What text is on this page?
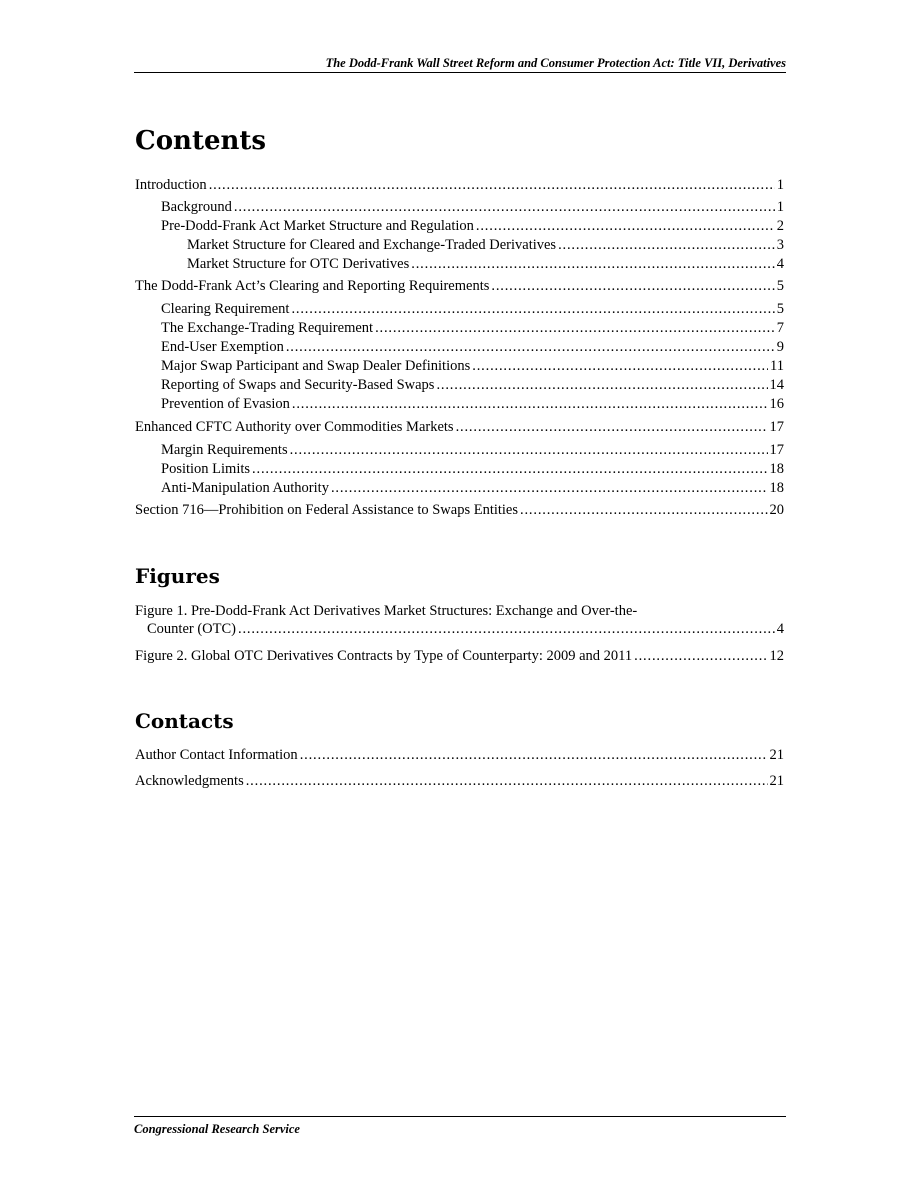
The Dodd-Frank Wall Street Reform and Consumer Protection Act: Title VII, Derivatives
Contents
Introduction . . .	1
Background . . .	1
Pre-Dodd-Frank Act Market Structure and Regulation . . .	2
Market Structure for Cleared and Exchange-Traded Derivatives . . .	3
Market Structure for OTC Derivatives . . .	4
The Dodd-Frank Act’s Clearing and Reporting Requirements . . .	5
Clearing Requirement . . .	5
The Exchange-Trading Requirement . . .	7
End-User Exemption . . .	9
Major Swap Participant and Swap Dealer Definitions . . .	11
Reporting of Swaps and Security-Based Swaps . . .	14
Prevention of Evasion . . .	16
Enhanced CFTC Authority over Commodities Markets . . .	17
Margin Requirements . . .	17
Position Limits . . .	18
Anti-Manipulation Authority . . .	18
Section 716—Prohibition on Federal Assistance to Swaps Entities . . .	20
Figures
Figure 1. Pre-Dodd-Frank Act Derivatives Market Structures: Exchange and Over-the-
Counter (OTC) . . .	4
Figure 2. Global OTC Derivatives Contracts by Type of Counterparty: 2009 and 2011 . . .	12
Contacts
Author Contact Information . . .	21
Acknowledgments . . .	21
Congressional Research Service
